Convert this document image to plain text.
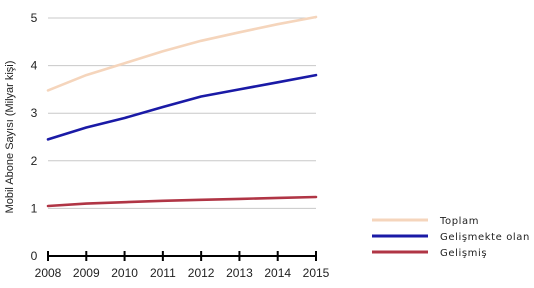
0
1
2
3
4
5
2008 2009 2010 2011 2012 2013 2014 2015
Mobil Abone Sayısı (Milyar kişi)
Toplam
Gelişmekte olan
Gelişmiş
